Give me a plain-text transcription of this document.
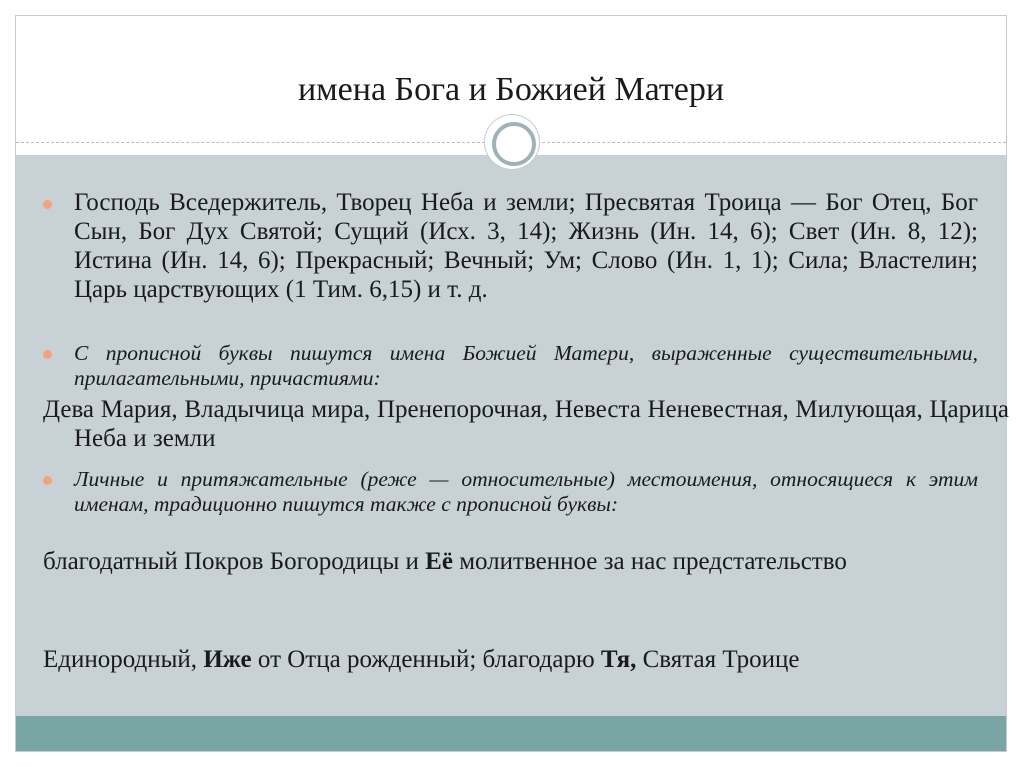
имена Бога и Божией Матери
Господь Вседержитель, Творец Неба и земли; Пресвятая Троица — Бог Отец, Бог Сын, Бог Дух Святой; Сущий (Исх. 3, 14); Жизнь (Ин. 14, 6); Свет (Ин. 8, 12); Истина (Ин. 14, 6); Прекрасный; Вечный; Ум; Слово (Ин. 1, 1); Сила; Властелин; Царь царствующих (1 Тим. 6,15) и т. д.
С прописной буквы пишутся имена Божией Матери, выраженные существительными, прилагательными, причастиями:
Дева Мария, Владычица мира, Пренепорочная, Невеста Неневестная, Милующая, Царица Неба и земли
Личные и притяжательные (реже — относительные) местоимения, относящиеся к этим именам, традиционно пишутся также с прописной буквы:
благодатный Покров Богородицы и Её молитвенное за нас предстательство
Единородный, Иже от Отца рожденный; благодарю Тя, Святая Троице
